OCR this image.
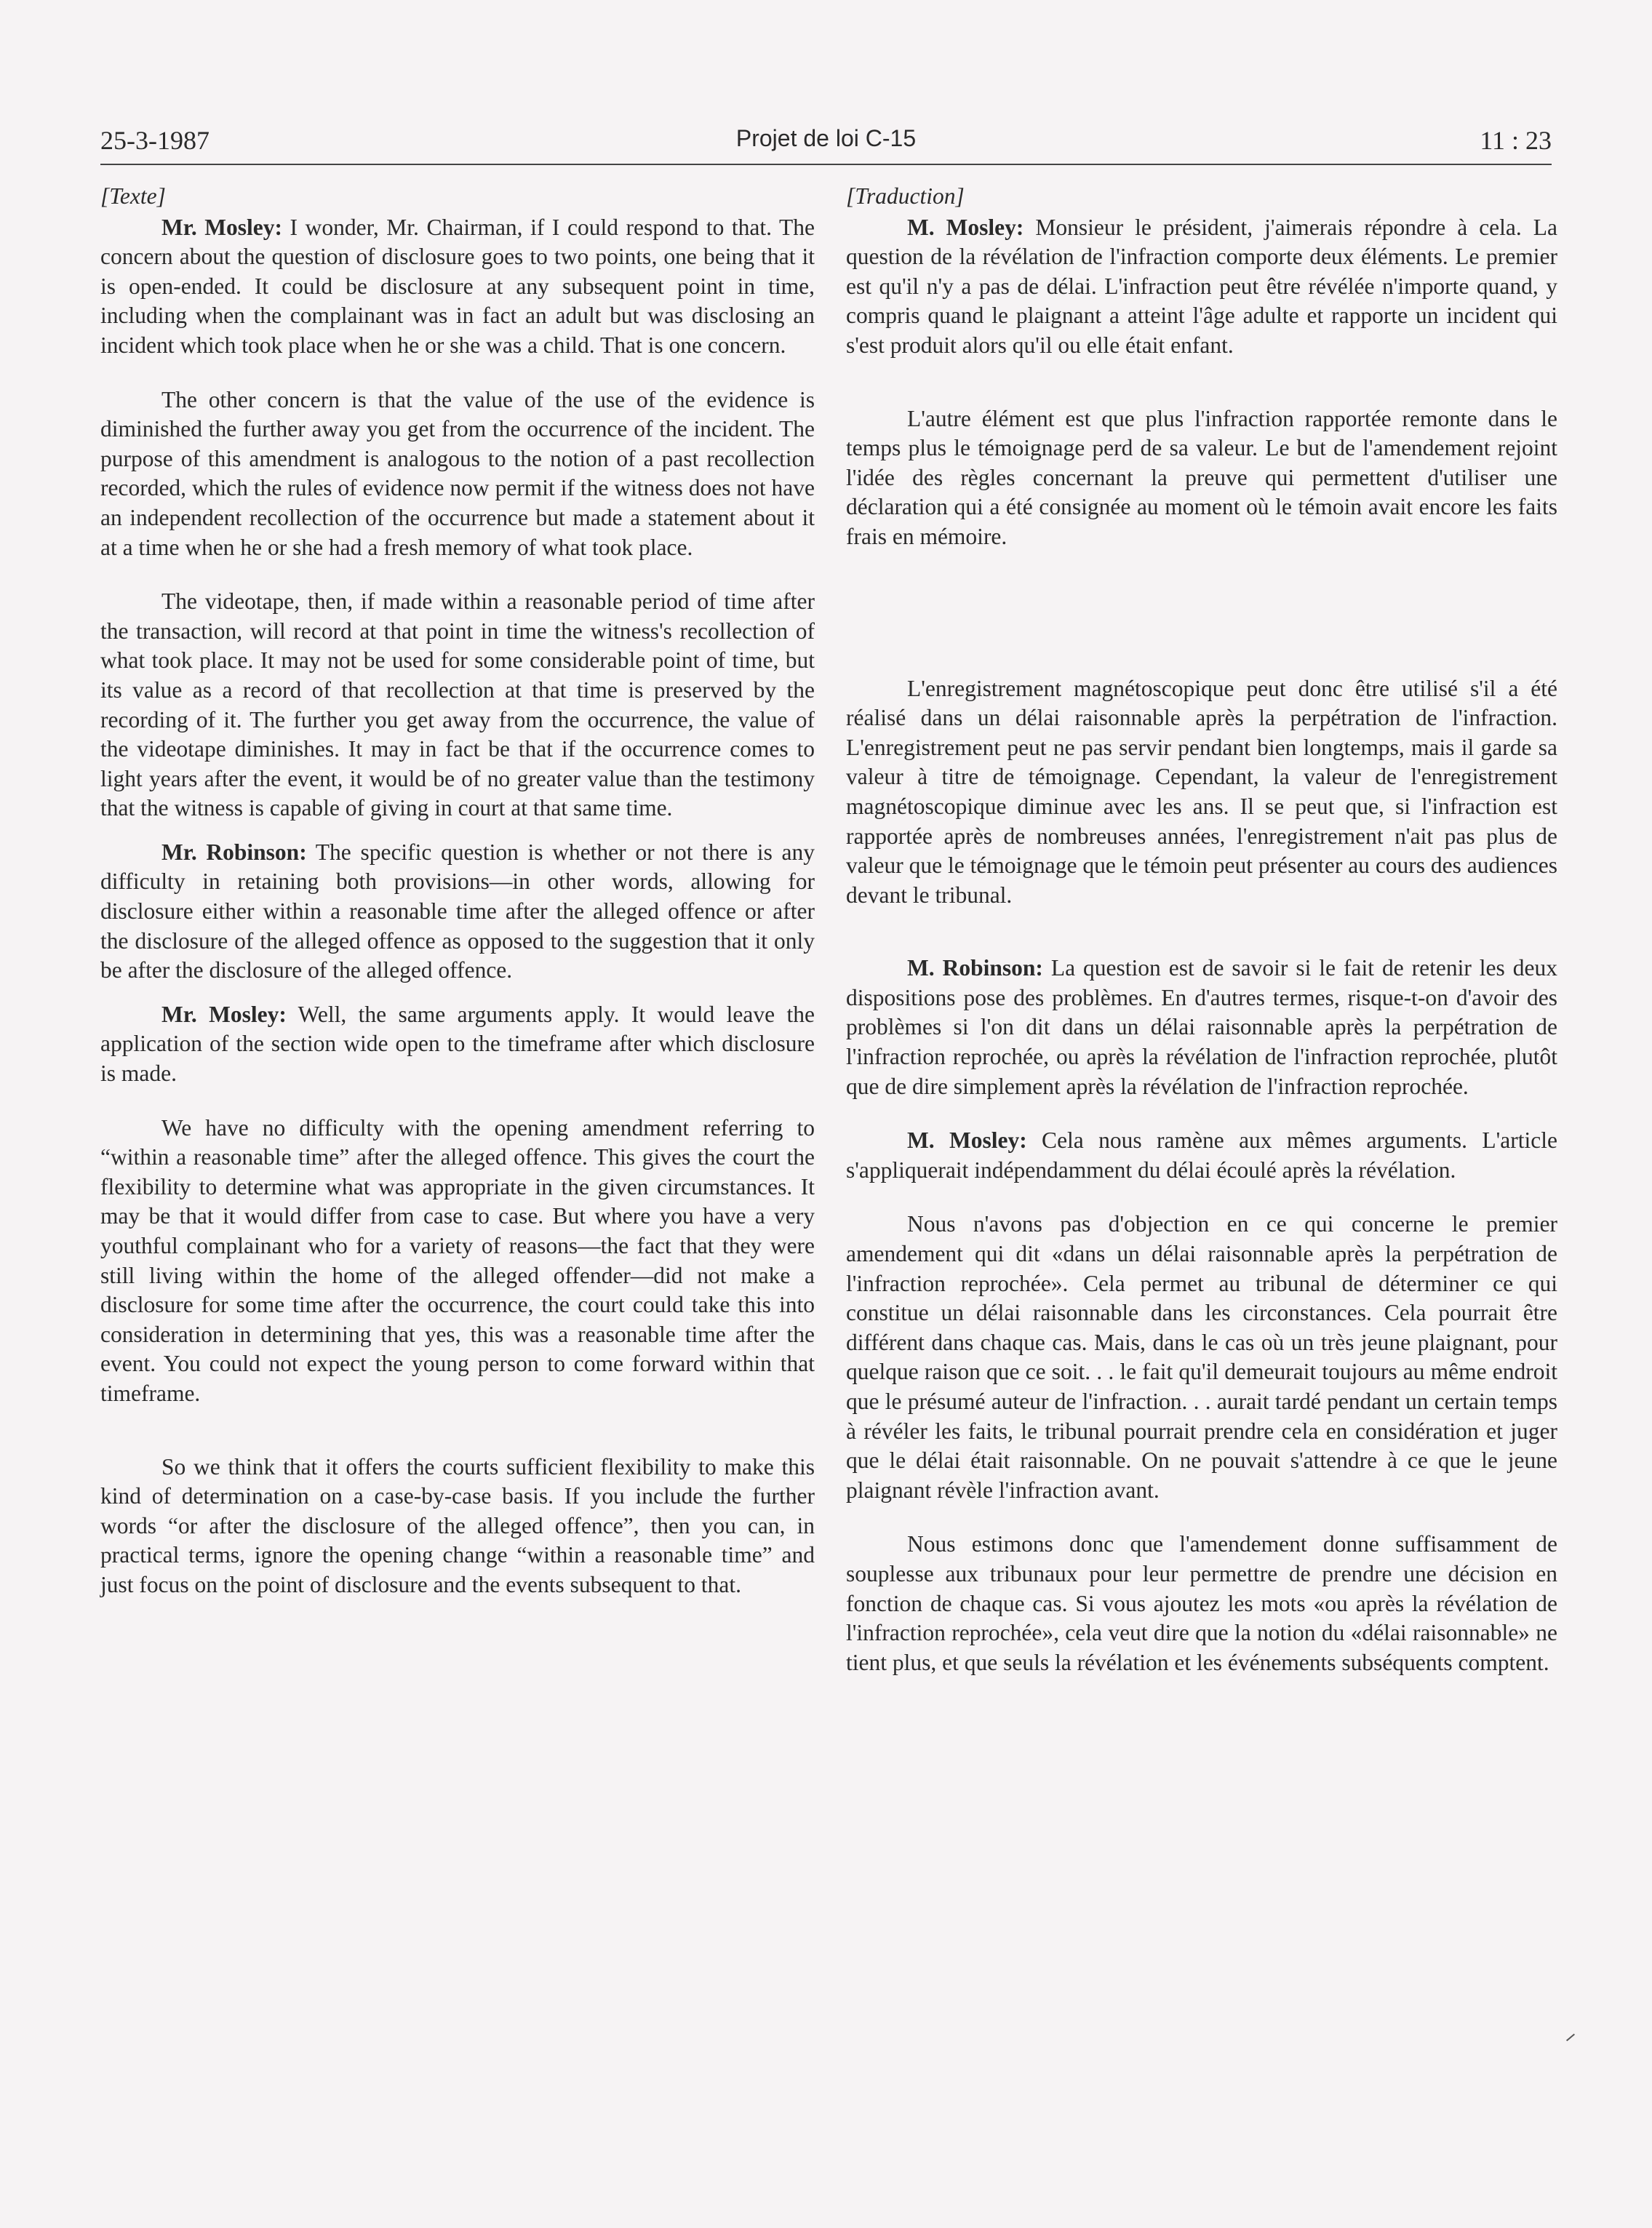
25-3-1987	Projet de loi C-15	11 : 23
[Texte]

Mr. Mosley: I wonder, Mr. Chairman, if I could respond to that. The concern about the question of disclosure goes to two points, one being that it is open-ended. It could be disclosure at any subsequent point in time, including when the complainant was in fact an adult but was disclosing an incident which took place when he or she was a child. That is one concern.

The other concern is that the value of the use of the evidence is diminished the further away you get from the occurrence of the incident. The purpose of this amendment is analogous to the notion of a past recollection recorded, which the rules of evidence now permit if the witness does not have an independent recollection of the occurrence but made a statement about it at a time when he or she had a fresh memory of what took place.

The videotape, then, if made within a reasonable period of time after the transaction, will record at that point in time the witness's recollection of what took place. It may not be used for some considerable point of time, but its value as a record of that recollection at that time is preserved by the recording of it. The further you get away from the occurrence, the value of the videotape diminishes. It may in fact be that if the occurrence comes to light years after the event, it would be of no greater value than the testimony that the witness is capable of giving in court at that same time.

Mr. Robinson: The specific question is whether or not there is any difficulty in retaining both provisions—in other words, allowing for disclosure either within a reasonable time after the alleged offence or after the disclosure of the alleged offence as opposed to the suggestion that it only be after the disclosure of the alleged offence.

Mr. Mosley: Well, the same arguments apply. It would leave the application of the section wide open to the timeframe after which disclosure is made.

We have no difficulty with the opening amendment referring to “within a reasonable time” after the alleged offence. This gives the court the flexibility to determine what was appropriate in the given circumstances. It may be that it would differ from case to case. But where you have a very youthful complainant who for a variety of reasons—the fact that they were still living within the home of the alleged offender—did not make a disclosure for some time after the occurrence, the court could take this into consideration in determining that yes, this was a reasonable time after the event. You could not expect the young person to come forward within that timeframe.

So we think that it offers the courts sufficient flexibility to make this kind of determination on a case-by-case basis. If you include the further words “or after the disclosure of the alleged offence”, then you can, in practical terms, ignore the opening change “within a reasonable time” and just focus on the point of disclosure and the events subsequent to that.

[Traduction]

M. Mosley: Monsieur le président, j'aimerais répondre à cela. La question de la révélation de l'infraction comporte deux éléments. Le premier est qu'il n'y a pas de délai. L'infraction peut être révélée n'importe quand, y compris quand le plaignant a atteint l'âge adulte et rapporte un incident qui s'est produit alors qu'il ou elle était enfant.

L'autre élément est que plus l'infraction rapportée remonte dans le temps plus le témoignage perd de sa valeur. Le but de l'amendement rejoint l'idée des règles concernant la preuve qui permettent d'utiliser une déclaration qui a été consignée au moment où le témoin avait encore les faits frais en mémoire.

L'enregistrement magnétoscopique peut donc être utilisé s'il a été réalisé dans un délai raisonnable après la perpétration de l'infraction. L'enregistrement peut ne pas servir pendant bien longtemps, mais il garde sa valeur à titre de témoignage. Cependant, la valeur de l'enregistrement magnétoscopique diminue avec les ans. Il se peut que, si l'infraction est rapportée après de nombreuses années, l'enregistrement n'ait pas plus de valeur que le témoignage que le témoin peut présenter au cours des audiences devant le tribunal.

M. Robinson: La question est de savoir si le fait de retenir les deux dispositions pose des problèmes. En d'autres termes, risque-t-on d'avoir des problèmes si l'on dit dans un délai raisonnable après la perpétration de l'infraction reprochée, ou après la révélation de l'infraction reprochée, plutôt que de dire simplement après la révélation de l'infraction reprochée.

M. Mosley: Cela nous ramène aux mêmes arguments. L'article s'appliquerait indépendamment du délai écoulé après la révélation.

Nous n'avons pas d'objection en ce qui concerne le premier amendement qui dit «dans un délai raisonnable après la perpétration de l'infraction reprochée». Cela permet au tribunal de déterminer ce qui constitue un délai raisonnable dans les circonstances. Cela pourrait être différent dans chaque cas. Mais, dans le cas où un très jeune plaignant, pour quelque raison que ce soit. . . le fait qu'il demeurait toujours au même endroit que le présumé auteur de l'infraction. . . aurait tardé pendant un certain temps à révéler les faits, le tribunal pourrait prendre cela en considération et juger que le délai était raisonnable. On ne pouvait s'attendre à ce que le jeune plaignant révèle l'infraction avant.

Nous estimons donc que l'amendement donne suffisamment de souplesse aux tribunaux pour leur permettre de prendre une décision en fonction de chaque cas. Si vous ajoutez les mots «ou après la révélation de l'infraction reprochée», cela veut dire que la notion du «délai raisonnable» ne tient plus, et que seuls la révélation et les événements subséquents comptent.
